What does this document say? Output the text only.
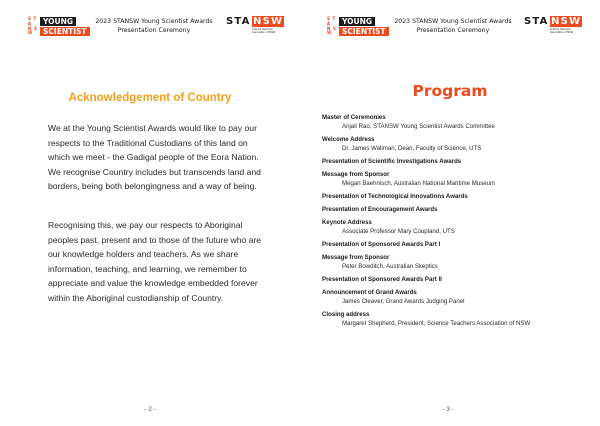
S T A
N S W
YOUNG
SCIENTIST
2023 STANSW Young Scientist Awards
Presentation Ceremony
STA NSW
Science Teachers' Association of NSW
Acknowledgement of Country

We at the Young Scientist Awards would like to pay our respects to the Traditional Custodians of this land on which we meet - the Gadigal people of the Eora Nation. We recognise Country includes but transcends land and borders, being both belongingness and a way of being.

Recognising this, we pay our respects to Aboriginal peoples past, present and to those of the future who are our knowledge holders and teachers. As we share information, teaching, and learning, we remember to appreciate and value the knowledge embedded forever within the Aboriginal custodianship of Country.

- 2 -
S T A
N S W
YOUNG
SCIENTIST
2023 STANSW Young Scientist Awards
Presentation Ceremony
STA NSW
Science Teachers' Association of NSW
- 3 -
Program
Master of Ceremonies
Anjali Rao, STANSW Young Scientist Awards Committee
Welcome Address
Dr. James Wallman, Dean, Faculty of Science, UTS
Presentation of Scientific Investigations Awards
Message from Sponsor
Megan Baehnisch, Australian National Maritime Museum
Presentation of Technological Innovations Awards
Presentation of Encouragement Awards
Keynote Address
Associate Professor Mary Coupland, UTS
Presentation of Sponsored Awards Part I
Message from Sponsor
Peter Bowditch, Australian Skeptics
Presentation of Sponsored Awards Part II
Announcement of Grand Awards
James Cleaver, Grand Awards Judging Panel
Closing address
Margaret Shepherd, President, Science Teachers Association of NSW
